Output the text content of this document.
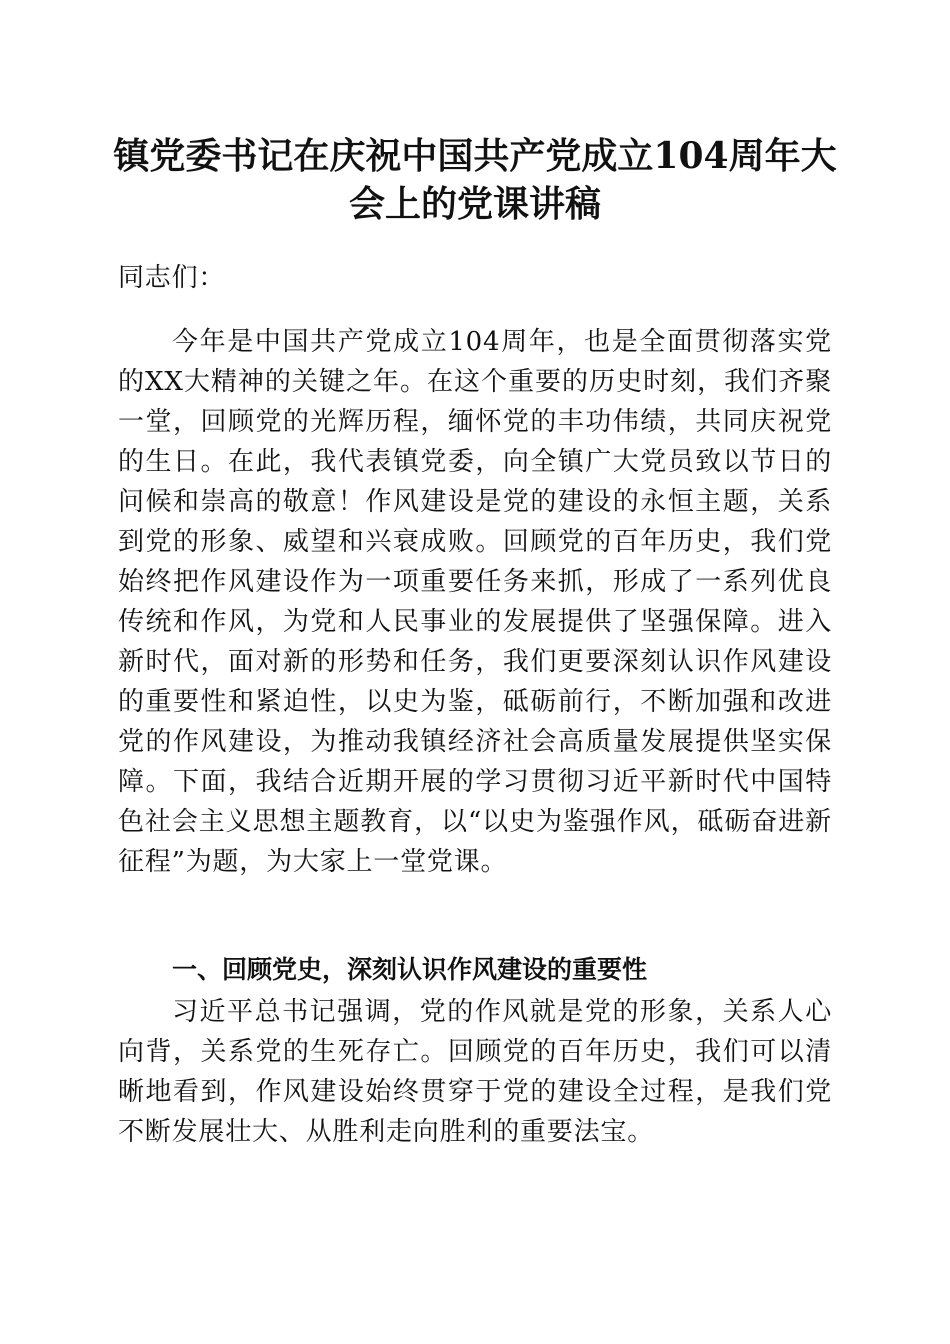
镇党委书记在庆祝中国共产党成立104周年大会上的党课讲稿

同志们：

今年是中国共产党成立104周年，也是全面贯彻落实党的XX大精神的关键之年。在这个重要的历史时刻，我们齐聚一堂，回顾党的光辉历程，缅怀党的丰功伟绩，共同庆祝党的生日。在此，我代表镇党委，向全镇广大党员致以节日的问候和崇高的敬意！作风建设是党的建设的永恒主题，关系到党的形象、威望和兴衰成败。回顾党的百年历史，我们党始终把作风建设作为一项重要任务来抓，形成了一系列优良传统和作风，为党和人民事业的发展提供了坚强保障。进入新时代，面对新的形势和任务，我们更要深刻认识作风建设的重要性和紧迫性，以史为鉴，砥砺前行，不断加强和改进党的作风建设，为推动我镇经济社会高质量发展提供坚实保障。下面，我结合近期开展的学习贯彻习近平新时代中国特色社会主义思想主题教育，以“以史为鉴强作风，砥砺奋进新征程”为题，为大家上一堂党课。

一、回顾党史，深刻认识作风建设的重要性

习近平总书记强调，党的作风就是党的形象，关系人心向背，关系党的生死存亡。回顾党的百年历史，我们可以清晰地看到，作风建设始终贯穿于党的建设全过程，是我们党不断发展壮大、从胜利走向胜利的重要法宝。
